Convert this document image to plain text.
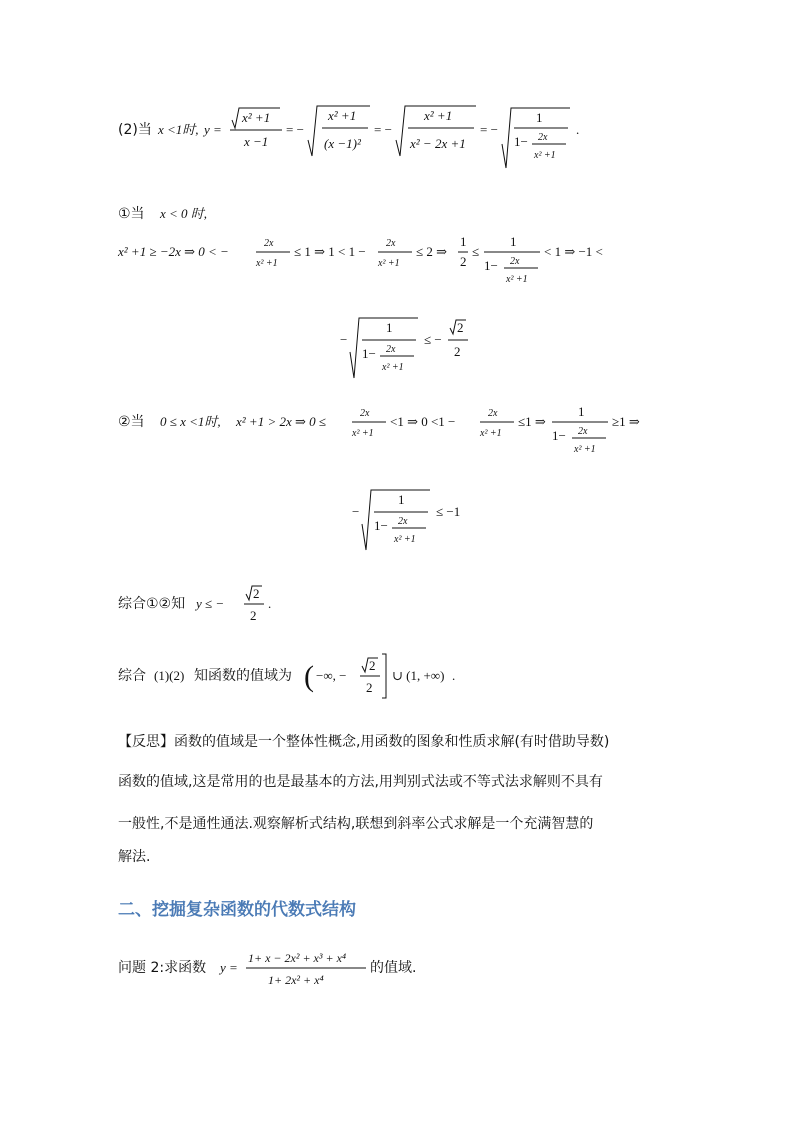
(2)当 x <1时, y =
x² +1
x −1
= −
x² +1
(x −1)²
= −
x² +1
x² − 2x +1
= −
1
1− 2x
x² +1
.
①当 x < 0 时,
x² +1 ≥ −2x ⇒ 0 < −
2x
x² +1
≤ 1 ⇒ 1 < 1 −
2x
x² +1
≤ 2 ⇒
1
2
≤
1
1− 2x
x² +1
< 1 ⇒ −1 <
−
1
1− 2x
x² +1
≤ −
2
2
②当 0 ≤ x <1时, x² +1 > 2x ⇒ 0 ≤
2x
x² +1
<1 ⇒ 0 <1 −
2x
x² +1
≤1 ⇒
1
1− 2x
x² +1
≥1 ⇒
−
1
1− 2x
x² +1
≤ −1
综合①②知 y ≤ −
2
2
.
综合 (1)(2) 知函数的值域为 ( −∞, −
2
2
∪ (1, +∞) .
【反思】函数的值域是一个整体性概念,用函数的图象和性质求解(有时借助导数)
函数的值域,这是常用的也是最基本的方法,用判别式法或不等式法求解则不具有
一般性,不是通性通法.观察解析式结构,联想到斜率公式求解是一个充满智慧的
解法.
二、挖掘复杂函数的代数式结构
问题 2:求函数 y =
1+ x − 2x² + x³ + x⁴
1+ 2x² + x⁴
的值域.
